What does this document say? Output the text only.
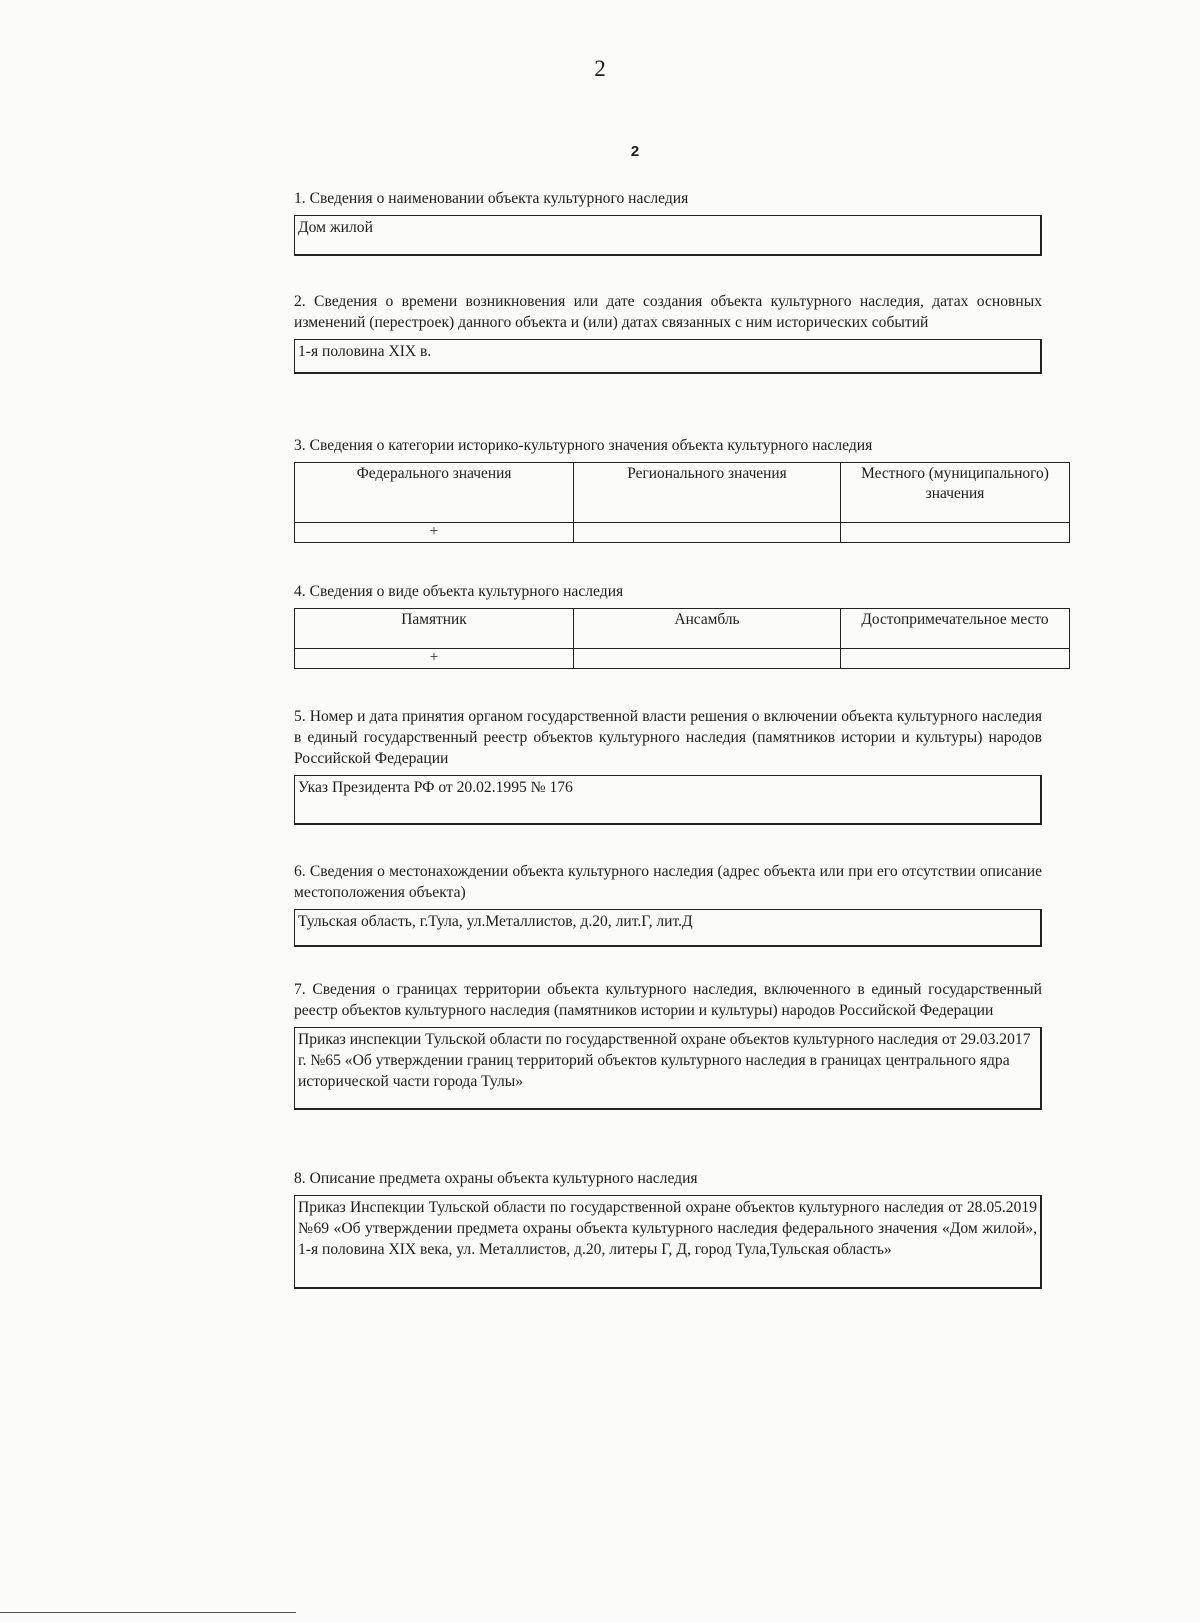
2
2

1. Сведения о наименовании объекта культурного наследия

Дом жилой

2. Сведения о времени возникновения или дате создания объекта культурного наследия, датах основных изменений (перестроек) данного объекта и (или) датах связанных с ним исторических событий

1-я половина XIX в.

3. Сведения о категории историко-культурного значения объекта культурного наследия

Федерального значения	Регионального значения	Местного (муниципального) значения
+		

4. Сведения о виде объекта культурного наследия

Памятник	Ансамбль	Достопримечательное место
+		

5. Номер и дата принятия органом государственной власти решения о включении объекта культурного наследия в единый государственный реестр объектов культурного наследия (памятников истории и культуры) народов Российской Федерации

Указ Президента РФ от 20.02.1995 № 176

6. Сведения о местонахождении объекта культурного наследия (адрес объекта или при его отсутствии описание местоположения объекта)

Тульская область, г.Тула, ул.Металлистов, д.20, лит.Г, лит.Д

7. Сведения о границах территории объекта культурного наследия, включенного в единый государственный реестр объектов культурного наследия (памятников истории и культуры) народов Российской Федерации

Приказ инспекции Тульской области по государственной охране объектов культурного наследия от 29.03.2017 г. №65 «Об утверждении границ территорий объектов культурного наследия в границах центрального ядра исторической части города Тулы»

8. Описание предмета охраны объекта культурного наследия

Приказ Инспекции Тульской области по государственной охране объектов культурного наследия от 28.05.2019 №69 «Об утверждении предмета охраны объекта культурного наследия федерального значения «Дом жилой», 1-я половина XIX века, ул. Металлистов, д.20, литеры Г, Д, город Тула,Тульская область»
